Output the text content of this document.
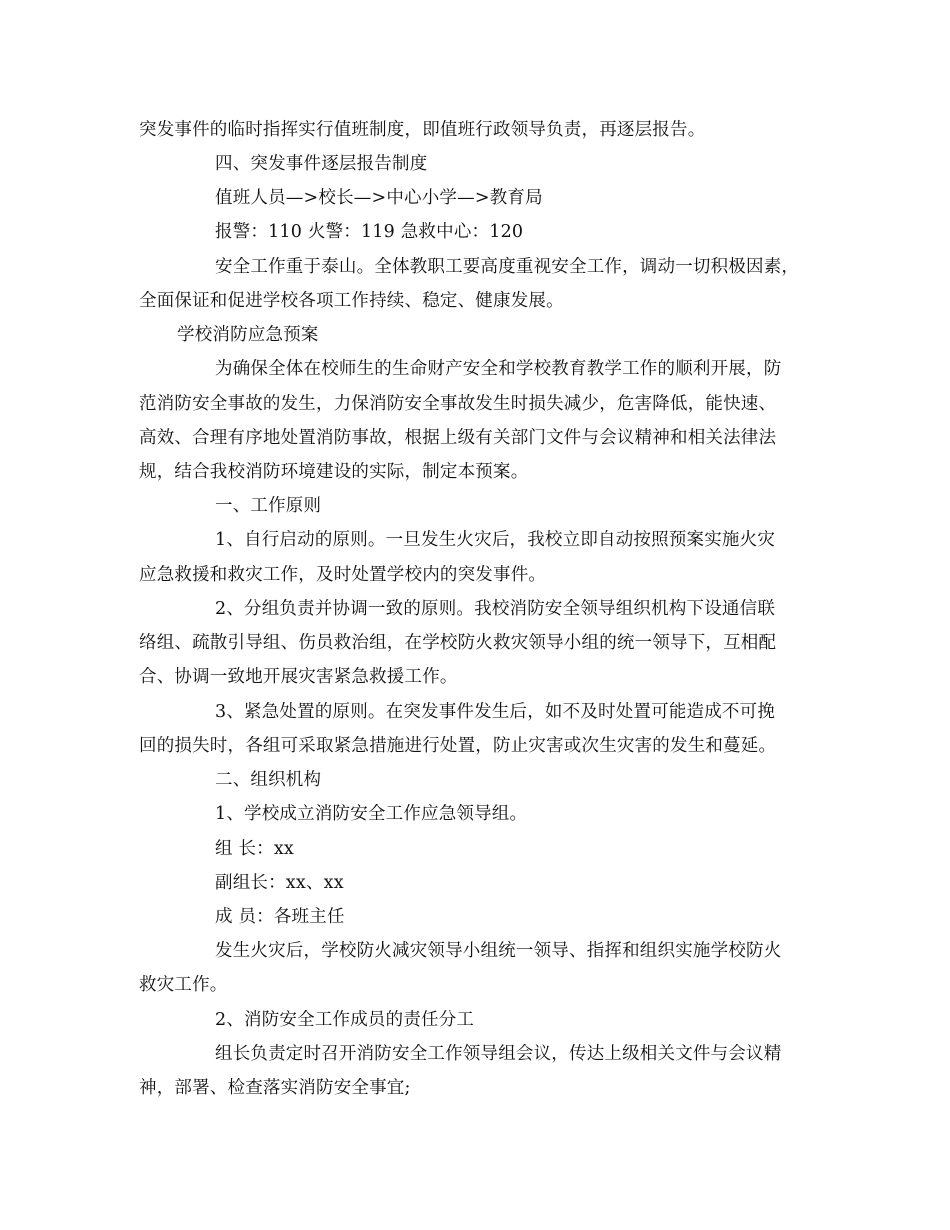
突发事件的临时指挥实行值班制度，即值班行政领导负责，再逐层报告。
四、突发事件逐层报告制度
值班人员—>校长—>中心小学—>教育局
报警：110 火警：119 急救中心：120
安全工作重于泰山。全体教职工要高度重视安全工作，调动一切积极因素，
全面保证和促进学校各项工作持续、稳定、健康发展。
学校消防应急预案
为确保全体在校师生的生命财产安全和学校教育教学工作的顺利开展，防
范消防安全事故的发生，力保消防安全事故发生时损失减少，危害降低，能快速、
高效、合理有序地处置消防事故，根据上级有关部门文件与会议精神和相关法律法
规，结合我校消防环境建设的实际，制定本预案。
一、工作原则
1、自行启动的原则。一旦发生火灾后，我校立即自动按照预案实施火灾
应急救援和救灾工作，及时处置学校内的突发事件。
2、分组负责并协调一致的原则。我校消防安全领导组织机构下设通信联
络组、疏散引导组、伤员救治组，在学校防火救灾领导小组的统一领导下，互相配
合、协调一致地开展灾害紧急救援工作。
3、紧急处置的原则。在突发事件发生后，如不及时处置可能造成不可挽
回的损失时，各组可采取紧急措施进行处置，防止灾害或次生灾害的发生和蔓延。
二、组织机构
1、学校成立消防安全工作应急领导组。
组 长：xx
副组长：xx、xx
成 员：各班主任
发生火灾后，学校防火减灾领导小组统一领导、指挥和组织实施学校防火
救灾工作。
2、消防安全工作成员的责任分工
组长负责定时召开消防安全工作领导组会议，传达上级相关文件与会议精
神，部署、检查落实消防安全事宜;
